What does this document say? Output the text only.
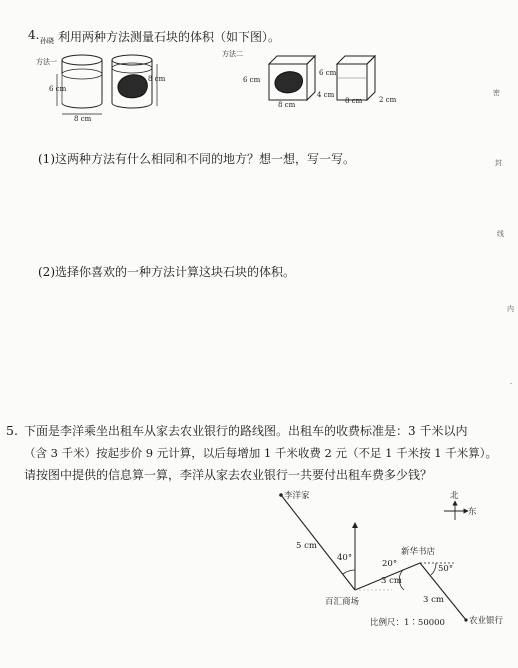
4. 孙晓 利用两种方法测量石块的体积（如下图）。
方法一
方法二
6 cm
8 cm
8 cm	6 cm
6 cm
4 cm
8 cm	8 cm 2 cm
(1)这两种方法有什么相同和不同的地方？想一想，写一写。
(2)选择你喜欢的一种方法计算这块石块的体积。
密
封
线
内
.
5. 下面是李洋乘坐出租车从家去农业银行的路线图。出租车的收费标准是：3 千米以内
（含 3 千米）按起步价 9 元计算，以后每增加 1 千米收费 2 元（不足 1 千米按 1 千米算）。
请按图中提供的信息算一算，李洋从家去农业银行一共要付出租车费多少钱？
李洋家
5 cm
40°
百汇商场
3 cm
20°
新华书店
50°
3 cm
农业银行
比例尺：1∶50000
北
东
